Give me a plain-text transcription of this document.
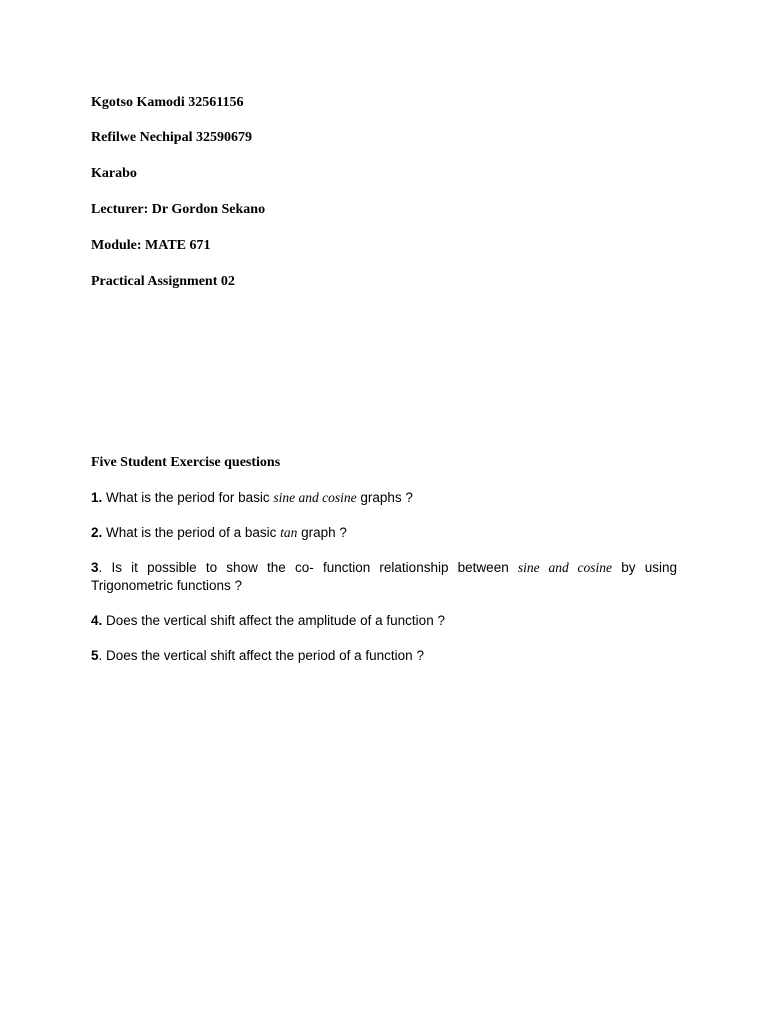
Kgotso Kamodi 32561156
Refilwe Nechipal 32590679
Karabo
Lecturer: Dr Gordon Sekano
Module: MATE 671
Practical Assignment 02
Five Student Exercise questions
1. What is the period for basic sine and cosine graphs ?
2. What is the period of a basic tan graph ?
3. Is it possible to show the co- function relationship between sine and cosine by using Trigonometric functions ?
4. Does the vertical shift affect the amplitude of a function ?
5. Does the vertical shift affect the period of a function ?
